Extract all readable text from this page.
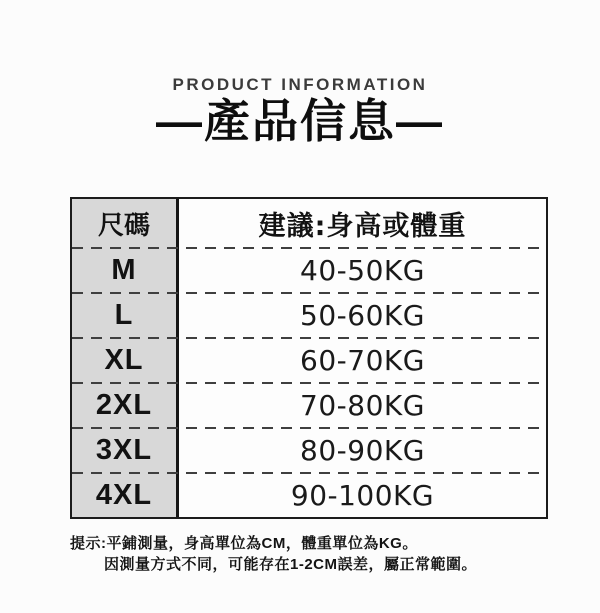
PRODUCT INFORMATION
—產品信息—
尺碼	建議:身高或體重
M	40-50KG
L	50-60KG
XL	60-70KG
2XL	70-80KG
3XL	80-90KG
4XL	90-100KG
提示:平鋪測量，身高單位為CM，體重單位為KG。
因測量方式不同，可能存在1-2CM誤差，屬正常範圍。
